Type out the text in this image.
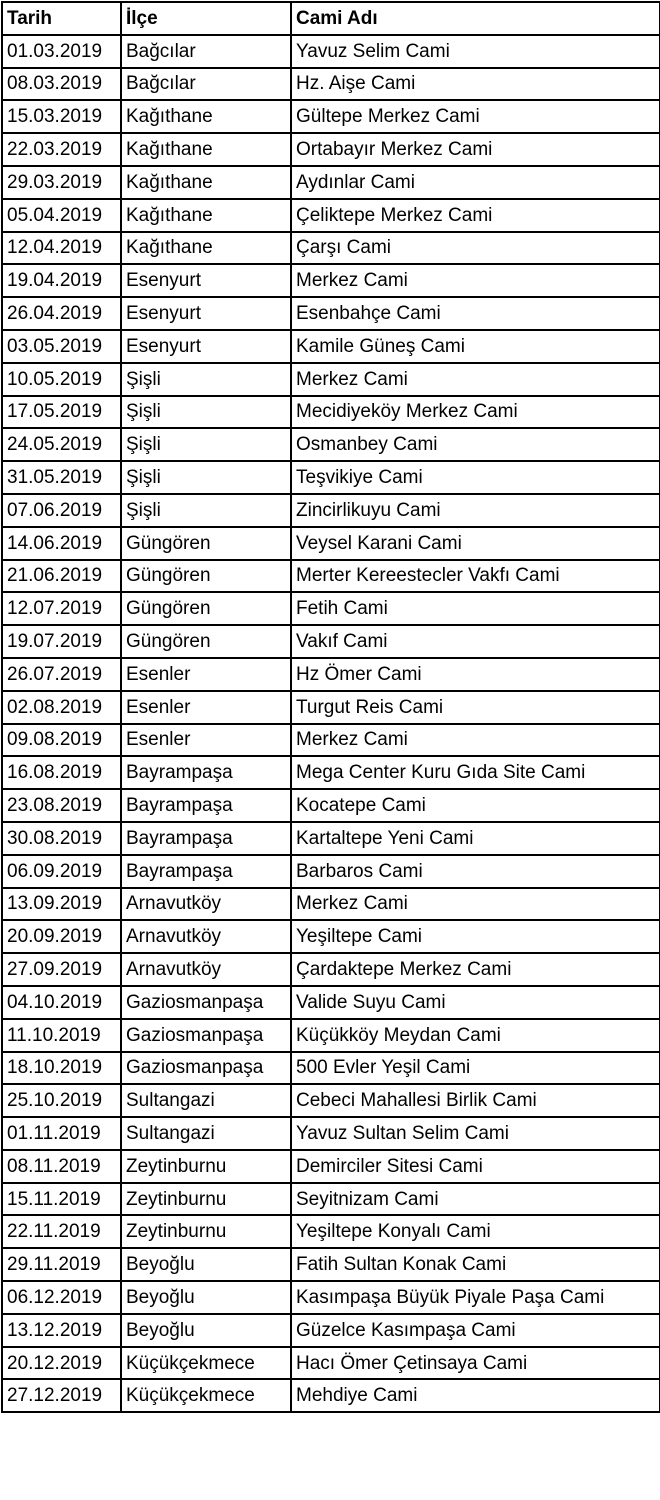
Tarih	İlçe	Cami Adı
01.03.2019	Bağcılar	Yavuz Selim Cami
08.03.2019	Bağcılar	Hz. Aişe Cami
15.03.2019	Kağıthane	Gültepe Merkez Cami
22.03.2019	Kağıthane	Ortabayır Merkez Cami
29.03.2019	Kağıthane	Aydınlar Cami
05.04.2019	Kağıthane	Çeliktepe Merkez Cami
12.04.2019	Kağıthane	Çarşı Cami
19.04.2019	Esenyurt	Merkez Cami
26.04.2019	Esenyurt	Esenbahçe Cami
03.05.2019	Esenyurt	Kamile Güneş Cami
10.05.2019	Şişli	Merkez Cami
17.05.2019	Şişli	Mecidiyeköy Merkez Cami
24.05.2019	Şişli	Osmanbey Cami
31.05.2019	Şişli	Teşvikiye Cami
07.06.2019	Şişli	Zincirlikuyu Cami
14.06.2019	Güngören	Veysel Karani Cami
21.06.2019	Güngören	Merter Kereestecler Vakfı Cami
12.07.2019	Güngören	Fetih Cami
19.07.2019	Güngören	Vakıf Cami
26.07.2019	Esenler	Hz Ömer Cami
02.08.2019	Esenler	Turgut Reis Cami
09.08.2019	Esenler	Merkez Cami
16.08.2019	Bayrampaşa	Mega Center Kuru Gıda Site Cami
23.08.2019	Bayrampaşa	Kocatepe Cami
30.08.2019	Bayrampaşa	Kartaltepe Yeni Cami
06.09.2019	Bayrampaşa	Barbaros Cami
13.09.2019	Arnavutköy	Merkez Cami
20.09.2019	Arnavutköy	Yeşiltepe Cami
27.09.2019	Arnavutköy	Çardaktepe Merkez Cami
04.10.2019	Gaziosmanpaşa	Valide Suyu Cami
11.10.2019	Gaziosmanpaşa	Küçükköy Meydan Cami
18.10.2019	Gaziosmanpaşa	500 Evler Yeşil Cami
25.10.2019	Sultangazi	Cebeci Mahallesi Birlik Cami
01.11.2019	Sultangazi	Yavuz Sultan Selim Cami
08.11.2019	Zeytinburnu	Demirciler Sitesi Cami
15.11.2019	Zeytinburnu	Seyitnizam Cami
22.11.2019	Zeytinburnu	Yeşiltepe Konyalı Cami
29.11.2019	Beyoğlu	Fatih Sultan Konak Cami
06.12.2019	Beyoğlu	Kasımpaşa Büyük Piyale Paşa Cami
13.12.2019	Beyoğlu	Güzelce Kasımpaşa Cami
20.12.2019	Küçükçekmece	Hacı Ömer Çetinsaya Cami
27.12.2019	Küçükçekmece	Mehdiye Cami
